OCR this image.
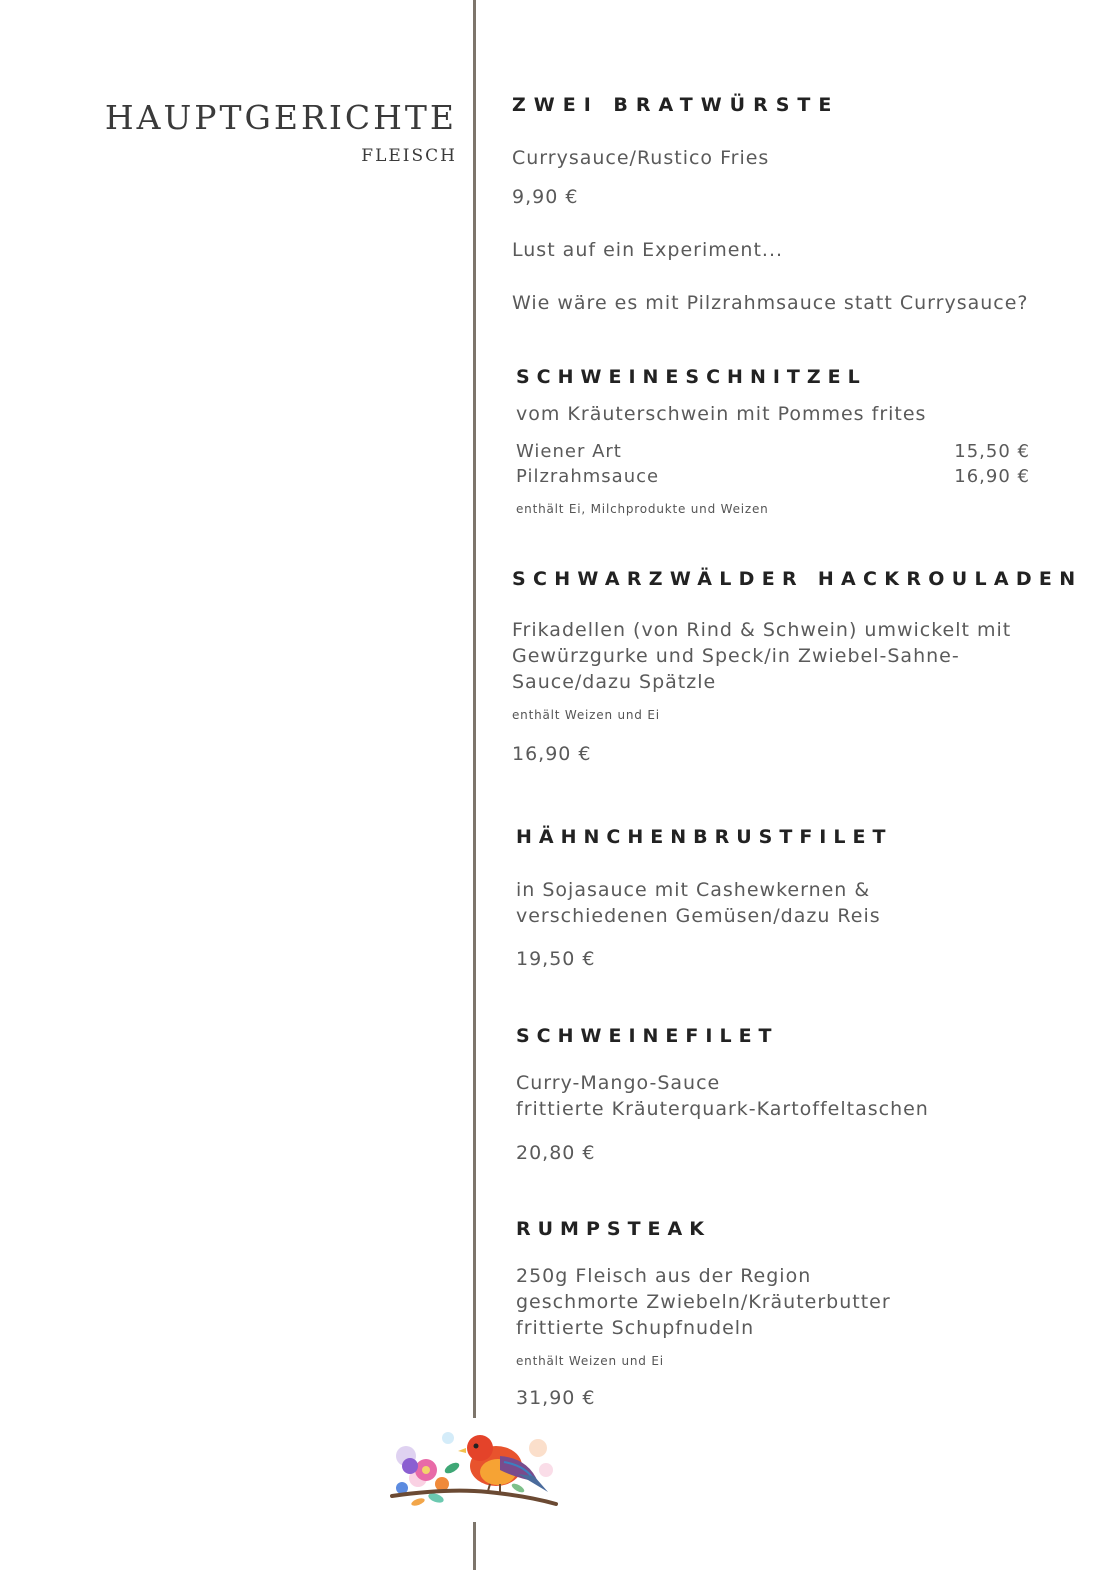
HAUPTGERICHTE
FLEISCH
ZWEI BRATWÜRSTE
Currysauce/Rustico Fries
9,90 €
Lust auf ein Experiment...
Wie wäre es mit Pilzrahmsauce statt Currysauce?
SCHWEINESCHNITZEL
vom Kräuterschwein mit Pommes frites
Wiener Art	15,50 €
Pilzrahmsauce	16,90 €
enthält Ei, Milchprodukte und Weizen
SCHWARZWÄLDER HACKROULADEN
Frikadellen (von Rind & Schwein) umwickelt mit
Gewürzgurke und Speck/in Zwiebel-Sahne-
Sauce/dazu Spätzle
enthält Weizen und Ei
16,90 €
HÄHNCHENBRUSTFILET
in Sojasauce mit Cashewkernen &
verschiedenen Gemüsen/dazu Reis
19,50 €
SCHWEINEFILET
Curry-Mango-Sauce
frittierte Kräuterquark-Kartoffeltaschen
20,80 €
RUMPSTEAK
250g Fleisch aus der Region
geschmorte Zwiebeln/Kräuterbutter
frittierte Schupfnudeln
enthält Weizen und Ei
31,90 €
